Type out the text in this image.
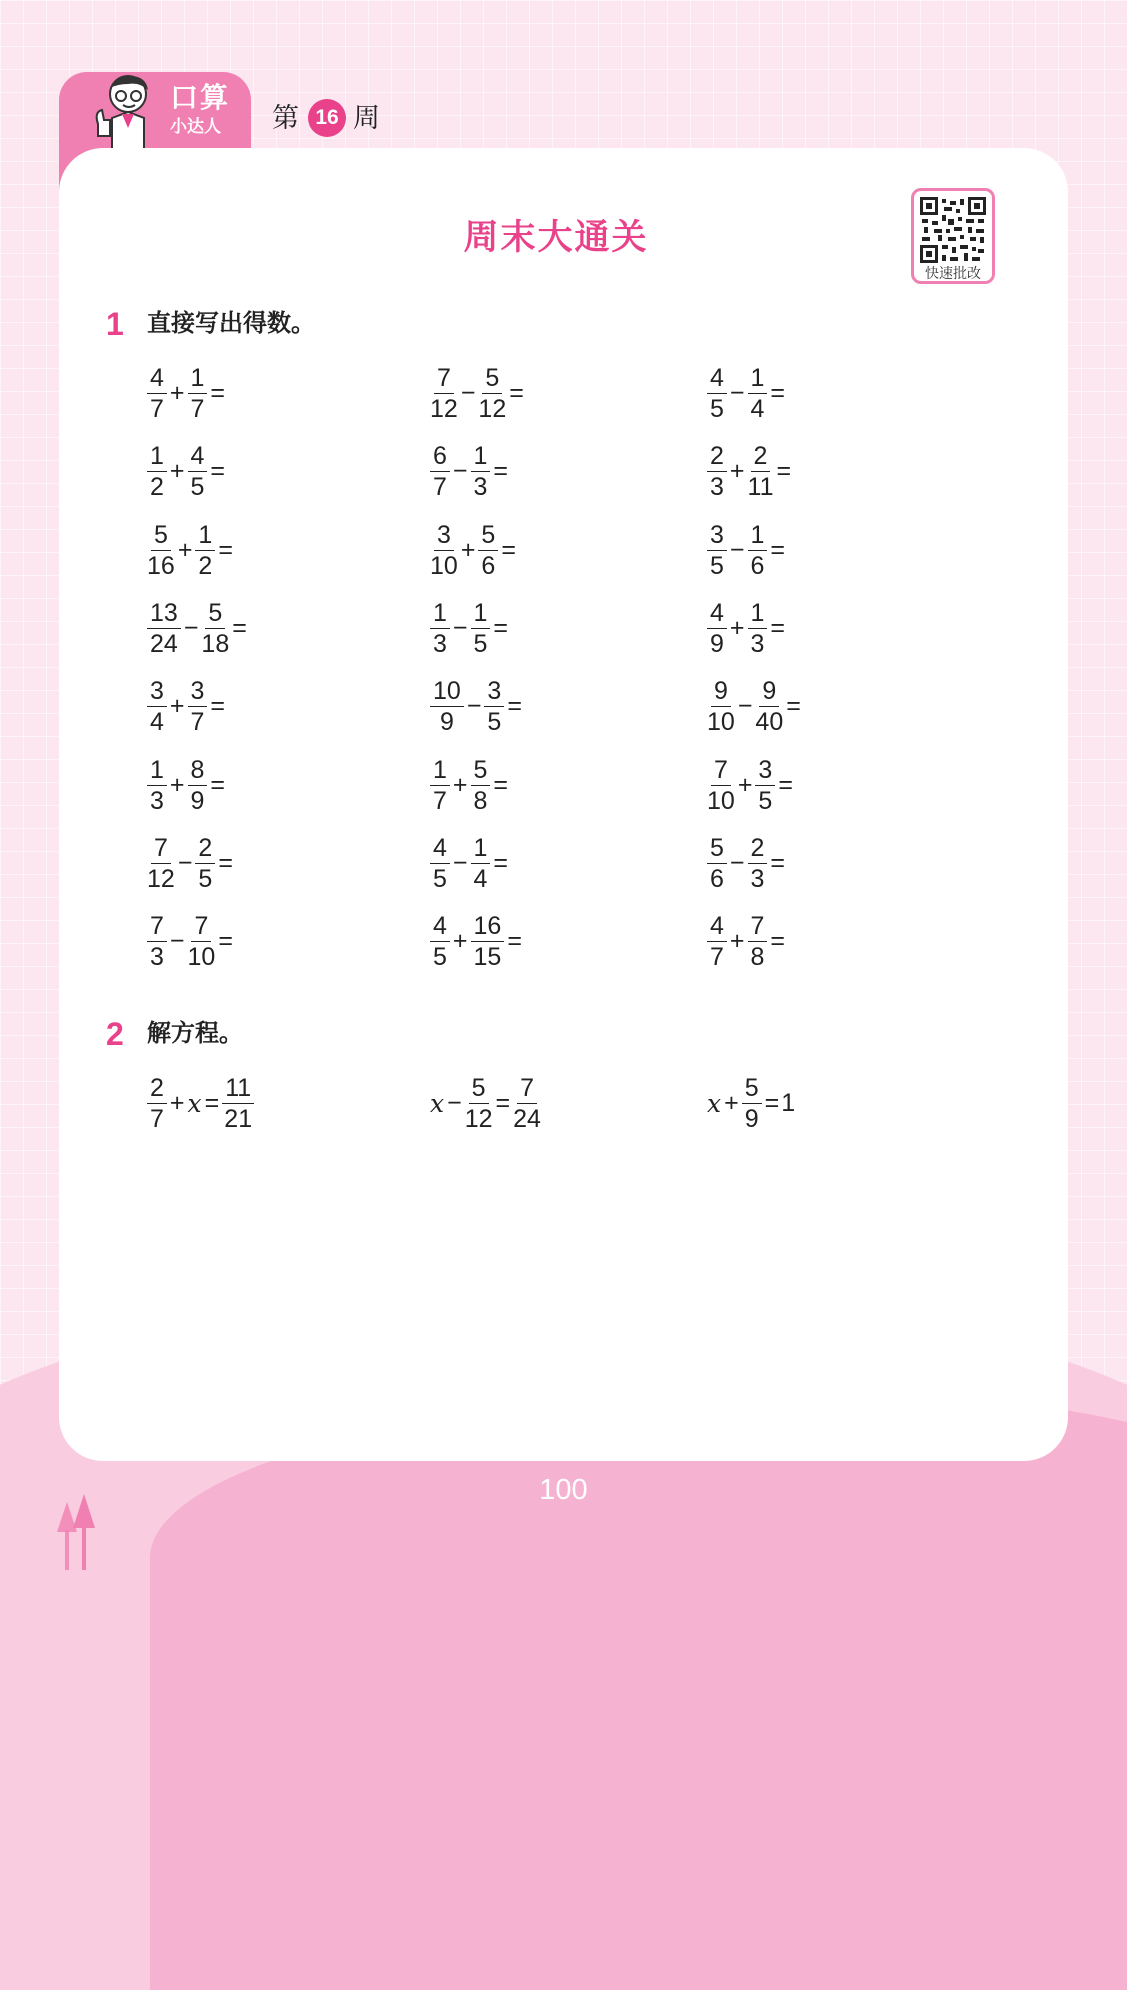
口算
小达人 第 16 周
周末大通关
快速批改
1 直接写出得数。
$\frac{4}{7} + \frac{1}{7}$ =
$\frac{1}{2} + \frac{4}{5}$ =
$\frac{5}{16} + \frac{1}{2}$ =
$\frac{13}{24} - \frac{5}{18}$ =
$\frac{3}{4} + \frac{3}{7}$ =
$\frac{1}{3} + \frac{8}{9}$ =
$\frac{7}{12} - \frac{2}{5}$ =
$\frac{7}{3} - \frac{7}{10}$ =
$\frac{7}{12} - \frac{5}{12}$ =
$\frac{6}{7} - \frac{1}{3}$ =
$\frac{3}{10} + \frac{5}{6}$ =
$\frac{1}{3} - \frac{1}{5}$ =
$\frac{10}{9} - \frac{3}{5}$ =
$\frac{1}{7} + \frac{5}{8}$ =
$\frac{4}{5} - \frac{1}{4}$ =
$\frac{4}{5} + \frac{16}{15}$ =
$\frac{4}{5} - \frac{1}{4}$ =
$\frac{2}{3} + \frac{2}{11}$ =
$\frac{3}{5} - \frac{1}{6}$ =
$\frac{4}{9} + \frac{1}{3}$ =
$\frac{9}{10} - \frac{9}{40}$ =
$\frac{7}{10} + \frac{3}{5}$ =
$\frac{5}{6} - \frac{2}{3}$ =
$\frac{4}{7} + \frac{7}{8}$ =
2 解方程。
$\frac{2}{7} + x = \frac{11}{21}$	$x - \frac{5}{12} = \frac{7}{24}$	$x + \frac{5}{9} = 1$
100
